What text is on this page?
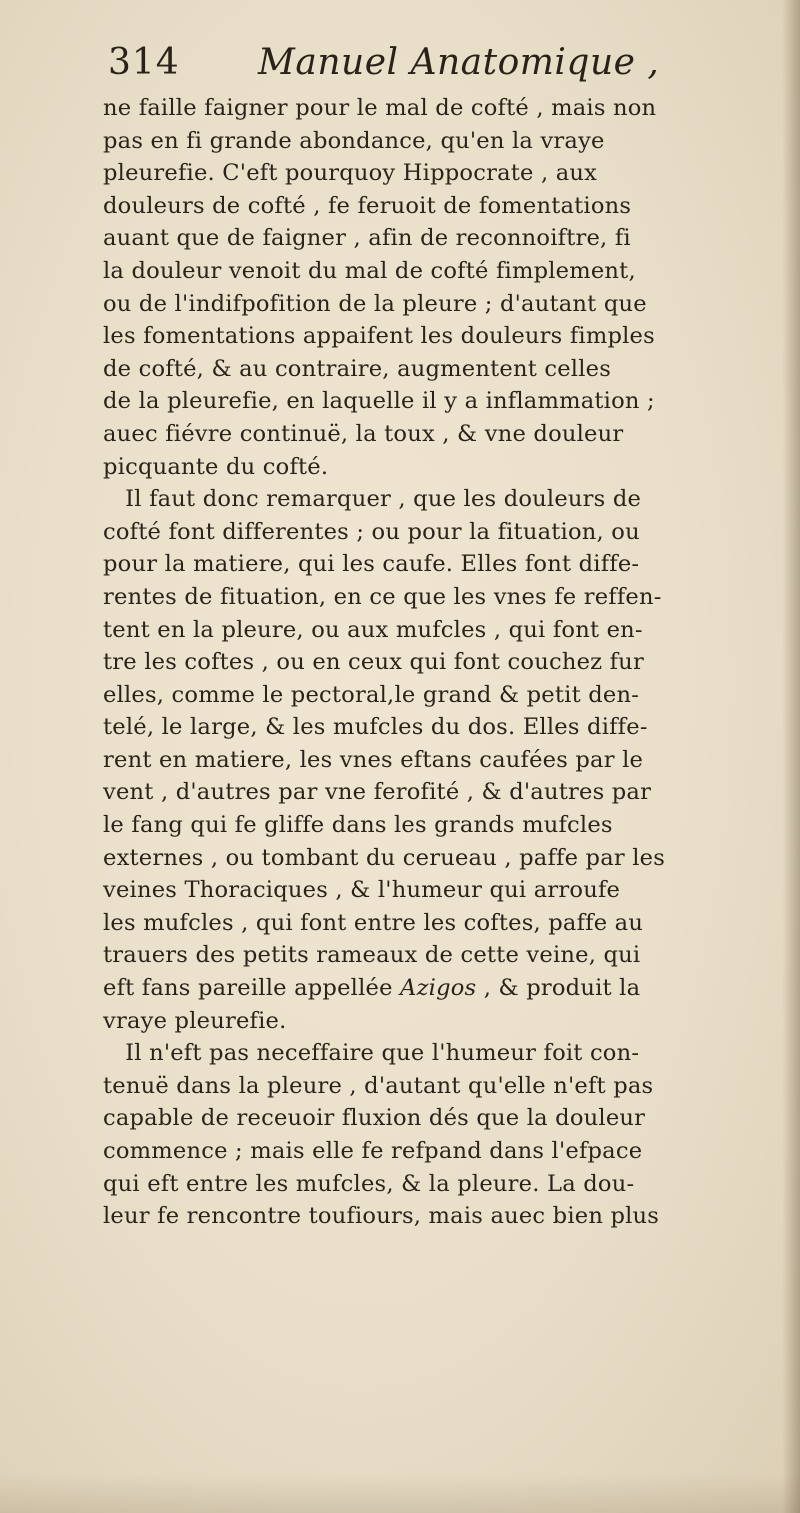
314 Manuel Anatomique ,
ne faille faigner pour le mal de cofté , mais non
pas en fi grande abondance, qu'en la vraye
pleurefie. C'eft pourquoy Hippocrate , aux
douleurs de cofté , fe feruoit de fomentations
auant que de faigner , afin de reconnoiftre, fi
la douleur venoit du mal de cofté fimplement,
ou de l'indifpofition de la pleure ; d'autant que
les fomentations appaifent les douleurs fimples
de cofté, & au contraire, augmentent celles
de la pleurefie, en laquelle il y a inflammation ;
auec fiévre continuë, la toux , & vne douleur
picquante du cofté.
Il faut donc remarquer , que les douleurs de
cofté font differentes ; ou pour la fituation, ou
pour la matiere, qui les caufe. Elles font diffe-
rentes de fituation, en ce que les vnes fe reffen-
tent en la pleure, ou aux mufcles , qui font en-
tre les coftes , ou en ceux qui font couchez fur
elles, comme le pectoral,le grand & petit den-
telé, le large, & les mufcles du dos. Elles diffe-
rent en matiere, les vnes eftans caufées par le
vent , d'autres par vne ferofité , & d'autres par
le fang qui fe gliffe dans les grands mufcles
externes , ou tombant du cerueau , paffe par les
veines Thoraciques , & l'humeur qui arroufe
les mufcles , qui font entre les coftes, paffe au
trauers des petits rameaux de cette veine, qui
eft fans pareille appellée Azigos , & produit la
vraye pleurefie.
Il n'eft pas neceffaire que l'humeur foit con-
tenuë dans la pleure , d'autant qu'elle n'eft pas
capable de receuoir fluxion dés que la douleur
commence ; mais elle fe refpand dans l'efpace
qui eft entre les mufcles, & la pleure. La dou-
leur fe rencontre toufiours, mais auec bien plus
